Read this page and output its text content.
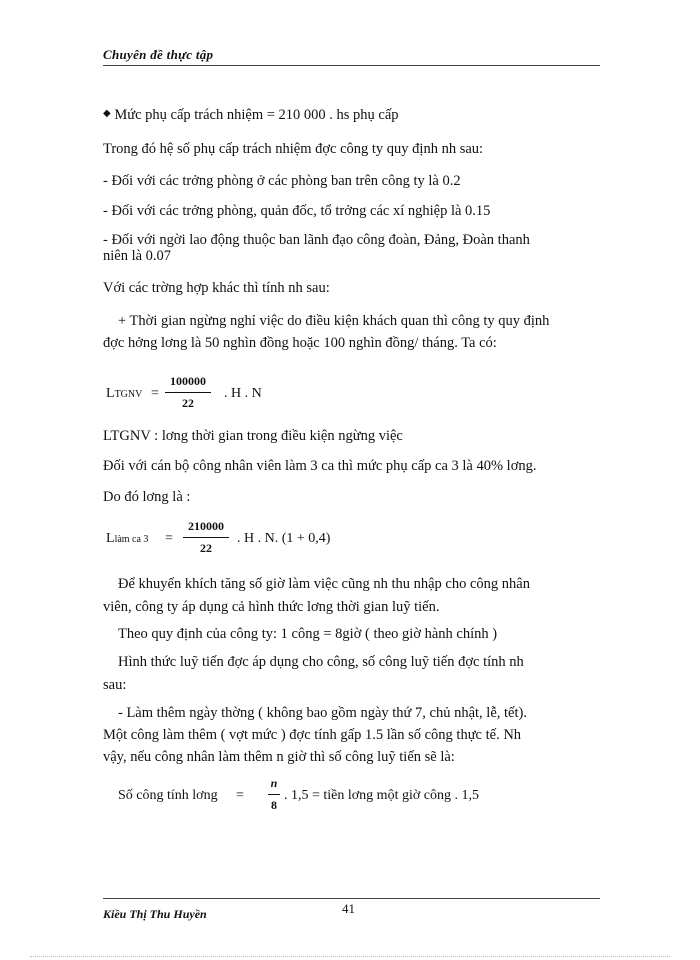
Chuyên đề thực tập
◆ Mức phụ cấp trách nhiệm = 210 000 . hs phụ cấp
Trong đó hệ số phụ cấp trách nhiệm đợc công ty quy định nh sau:
- Đối với các trởng phòng ở các phòng ban trên công ty là 0.2
- Đối với các trởng phòng, quản đốc, tổ trởng các xí nghiệp là 0.15
- Đối với ngời lao động thuộc ban lãnh đạo công đoàn, Đảng, Đoàn thanh
niên là 0.07
Với các trờng hợp khác thì tính nh sau:
+ Thời gian ngừng nghỉ việc do điều kiện khách quan thì công ty quy định
đợc hởng lơng là 50 nghìn đồng hoặc 100 nghìn đồng/ tháng. Ta có:
LTGNV =
100000
22
. H . N
LTGNV : lơng thời gian trong điều kiện ngừng việc
Đối với cán bộ công nhân viên làm 3 ca thì mức phụ cấp ca 3 là 40% lơng.
Do đó lơng là :
Llàm ca 3 =
210000
22
. H . N. (1 + 0,4)
Để khuyến khích tăng số giờ làm việc cũng nh thu nhập cho công nhân
viên, công ty áp dụng cả hình thức lơng thời gian luỹ tiến.
Theo quy định của công ty: 1 công = 8giờ ( theo giờ hành chính )
Hình thức luỹ tiến đợc áp dụng cho công, số công luỹ tiến đợc tính nh
sau:
- Làm thêm ngày thờng ( không bao gồm ngày thứ 7, chủ nhật, lễ, tết).
Một công làm thêm ( vợt mức ) đợc tính gấp 1.5 lần số công thực tế. Nh
vậy, nếu công nhân làm thêm n giờ thì số công luỹ tiến sẽ là:
Số công tính lơng =
n
8
. 1,5 = tiền lơng một giờ công . 1,5
Kiều Thị Thu Huyền	41
